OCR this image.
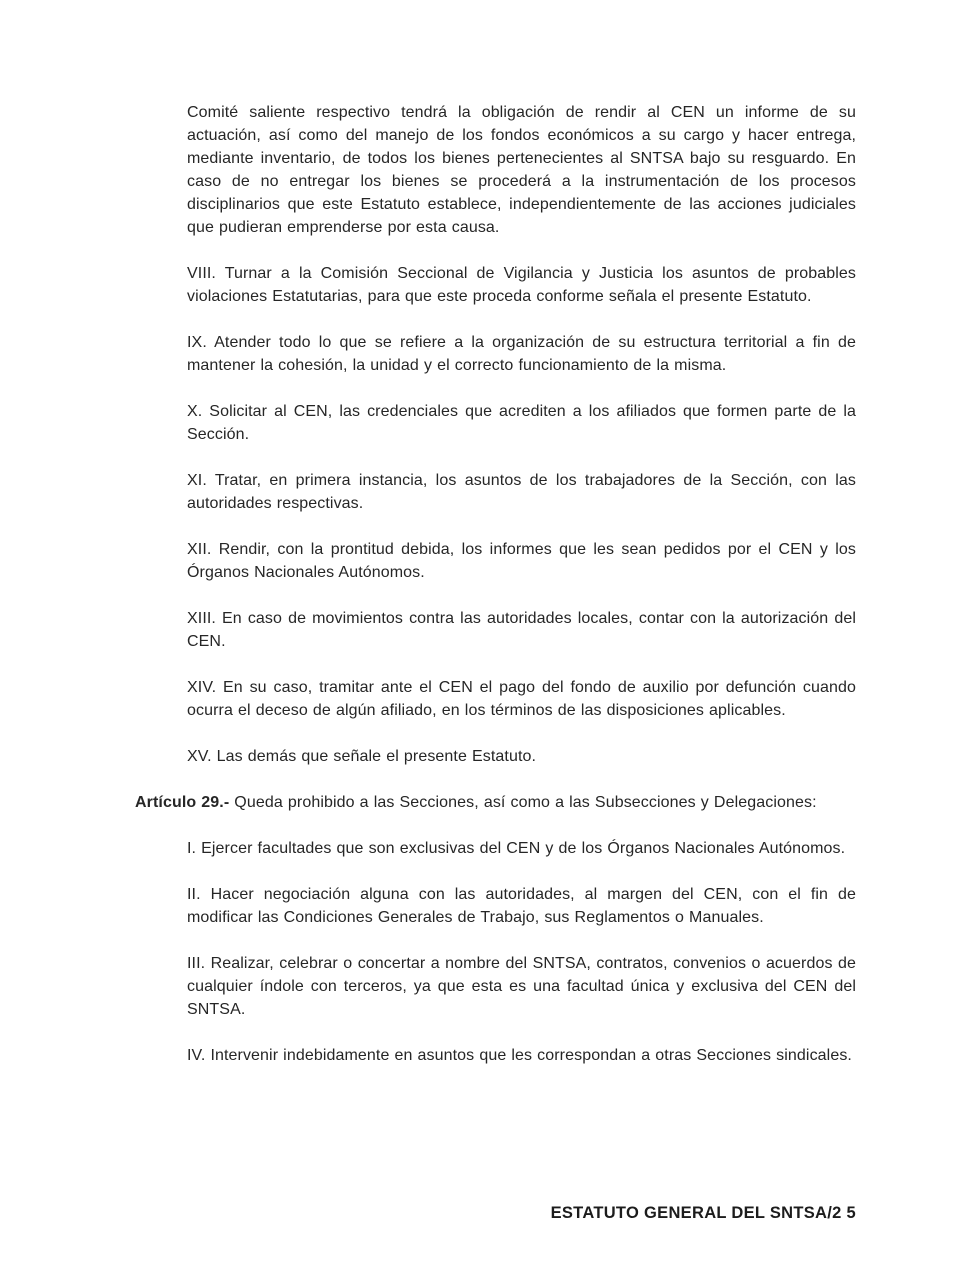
Comité saliente respectivo tendrá la obligación de rendir al CEN un informe de su actuación, así como del manejo de los fondos económicos a su cargo y hacer entrega, mediante inventario, de todos los bienes pertenecientes al SNTSA bajo su resguardo. En caso de no entregar los bienes se procederá a la instrumentación de los procesos disciplinarios que este Estatuto establece, independientemente de las acciones judiciales que pudieran emprenderse por esta causa.

VIII. Turnar a la Comisión Seccional de Vigilancia y Justicia los asuntos de probables violaciones Estatutarias, para que este proceda conforme señala el presente Estatuto.

IX. Atender todo lo que se refiere a la organización de su estructura territorial a fin de mantener la cohesión, la unidad y el correcto funcionamiento de la misma.

X. Solicitar al CEN, las credenciales que acrediten a los afiliados que formen parte de la Sección.

XI. Tratar, en primera instancia, los asuntos de los trabajadores de la Sección, con las autoridades respectivas.

XII. Rendir, con la prontitud debida, los informes que les sean pedidos por el CEN y los Órganos Nacionales Autónomos.

XIII. En caso de movimientos contra las autoridades locales, contar con la autorización del CEN.

XIV. En su caso, tramitar ante el CEN el pago del fondo de auxilio por defunción cuando ocurra el deceso de algún afiliado, en los términos de las disposiciones aplicables.

XV. Las demás que señale el presente Estatuto.

Artículo 29.- Queda prohibido a las Secciones, así como a las Subsecciones y Delegaciones:

I. Ejercer facultades que son exclusivas del CEN y de los Órganos Nacionales Autónomos.

II. Hacer negociación alguna con las autoridades, al margen del CEN, con el fin de modificar las Condiciones Generales de Trabajo, sus Reglamentos o Manuales.

III. Realizar, celebrar o concertar a nombre del SNTSA, contratos, convenios o acuerdos de cualquier índole con terceros, ya que esta es una facultad única y exclusiva del CEN del SNTSA.

IV. Intervenir indebidamente en asuntos que les correspondan a otras Secciones sindicales.

ESTATUTO GENERAL DEL SNTSA/2 5
